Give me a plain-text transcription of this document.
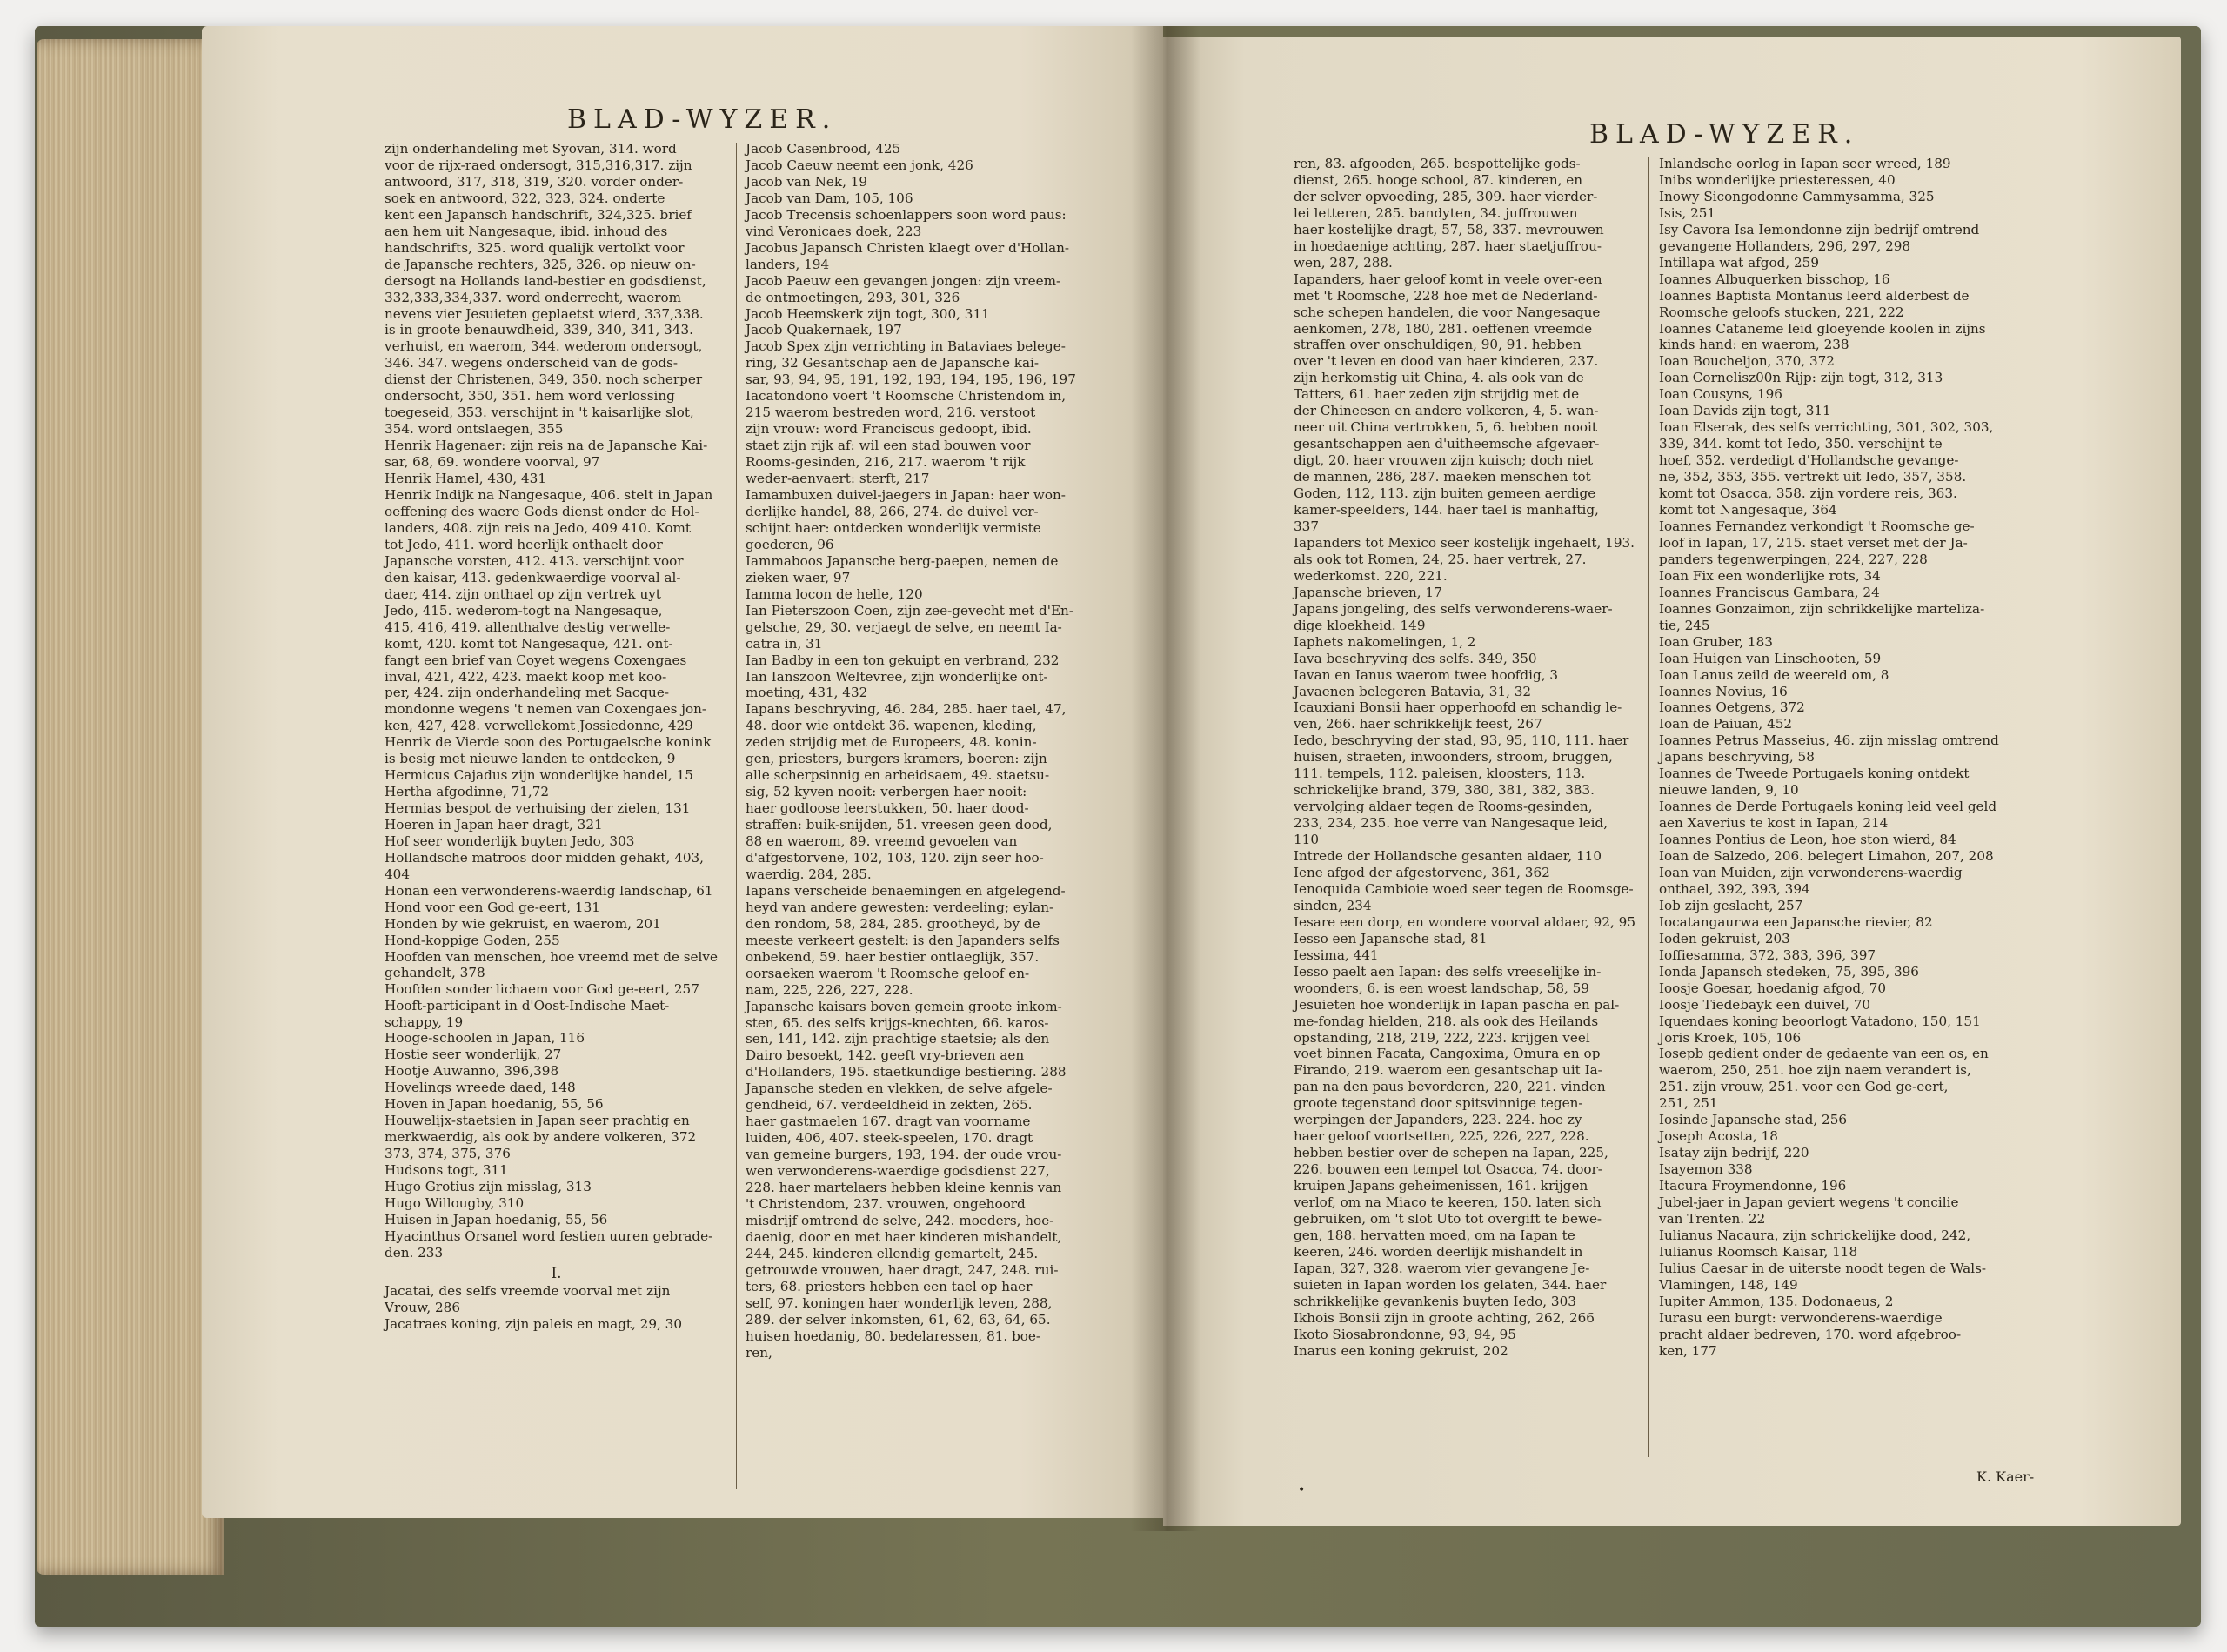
BLAD-WYZER.
zijn onderhandeling met Syovan, 314. word
voor de rijx-raed ondersogt, 315,316,317. zijn
antwoord, 317, 318, 319, 320. vorder onder-
soek en antwoord, 322, 323, 324. onderte
kent een Japansch handschrift, 324,325. brief
aen hem uit Nangesaque, ibid. inhoud des
handschrifts, 325. word qualijk vertolkt voor
de Japansche rechters, 325, 326. op nieuw on-
dersogt na Hollands land-bestier en godsdienst,
332,333,334,337. word onderrecht, waerom
nevens vier Jesuieten geplaetst wierd, 337,338.
is in groote benauwdheid, 339, 340, 341, 343.
verhuist, en waerom, 344. wederom ondersogt,
346. 347. wegens onderscheid van de gods-
dienst der Christenen, 349, 350. noch scherper
ondersocht, 350, 351. hem word verlossing
toegeseid, 353. verschijnt in 't kaisarlijke slot,
354. word ontslaegen, 355
Henrik Hagenaer: zijn reis na de Japansche Kai-
sar, 68, 69. wondere voorval, 97
Henrik Hamel, 430, 431
Henrik Indijk na Nangesaque, 406. stelt in Japan
oeffening des waere Gods dienst onder de Hol-
landers, 408. zijn reis na Jedo, 409 410. Komt
tot Jedo, 411. word heerlijk onthaelt door
Japansche vorsten, 412. 413. verschijnt voor
den kaisar, 413. gedenkwaerdige voorval al-
daer, 414. zijn onthael op zijn vertrek uyt
Jedo, 415. wederom-togt na Nangesaque,
415, 416, 419. allenthalve destig verwelle-
komt, 420. komt tot Nangesaque, 421. ont-
fangt een brief van Coyet wegens Coxengaes
inval, 421, 422, 423. maekt koop met koo-
per, 424. zijn onderhandeling met Sacque-
mondonne wegens 't nemen van Coxengaes jon-
ken, 427, 428. verwellekomt Jossiedonne, 429
Henrik de Vierde soon des Portugaelsche konink
is besig met nieuwe landen te ontdecken, 9
Hermicus Cajadus zijn wonderlijke handel, 15
Hertha afgodinne, 71,72
Hermias bespot de verhuising der zielen, 131
Hoeren in Japan haer dragt, 321
Hof seer wonderlijk buyten Jedo, 303
Hollandsche matroos door midden gehakt, 403,
404
Honan een verwonderens-waerdig landschap, 61
Hond voor een God ge-eert, 131
Honden by wie gekruist, en waerom, 201
Hond-koppige Goden, 255
Hoofden van menschen, hoe vreemd met de selve gehandelt, 378
Hoofden sonder lichaem voor God ge-eert, 257
Hooft-participant in d'Oost-Indische Maet-
schappy, 19
Hooge-schoolen in Japan, 116
Hostie seer wonderlijk, 27
Hootje Auwanno, 396,398
Hovelings wreede daed, 148
Hoven in Japan hoedanig, 55, 56
Houwelijx-staetsien in Japan seer prachtig en
merkwaerdig, als ook by andere volkeren, 372
373, 374, 375, 376
Hudsons togt, 311
Hugo Grotius zijn misslag, 313
Hugo Willougby, 310
Huisen in Japan hoedanig, 55, 56
Hyacinthus Orsanel word festien uuren gebrade-
den. 233
I.
Jacatai, des selfs vreemde voorval met zijn
Vrouw, 286
Jacatraes koning, zijn paleis en magt, 29, 30
Jacob Casenbrood, 425
Jacob Caeuw neemt een jonk, 426
Jacob van Nek, 19
Jacob van Dam, 105, 106
Jacob Trecensis schoenlappers soon word paus:
vind Veronicaes doek, 223
Jacobus Japansch Christen klaegt over d'Hollan-
landers, 194
Jacob Paeuw een gevangen jongen: zijn vreem-
de ontmoetingen, 293, 301, 326
Jacob Heemskerk zijn togt, 300, 311
Jacob Quakernaek, 197
Jacob Spex zijn verrichting in Bataviaes belege-
ring, 32 Gesantschap aen de Japansche kai-
sar, 93, 94, 95, 191, 192, 193, 194, 195, 196, 197
Iacatondono voert 't Roomsche Christendom in,
215 waerom bestreden word, 216. verstoot
zijn vrouw: word Franciscus gedoopt, ibid.
staet zijn rijk af: wil een stad bouwen voor
Rooms-gesinden, 216, 217. waerom 't rijk
weder-aenvaert: sterft, 217
Iamambuxen duivel-jaegers in Japan: haer won-
derlijke handel, 88, 266, 274. de duivel ver-
schijnt haer: ontdecken wonderlijk vermiste
goederen, 96
Iammaboos Japansche berg-paepen, nemen de
zieken waer, 97
Iamma locon de helle, 120
Ian Pieterszoon Coen, zijn zee-gevecht met d'En-
gelsche, 29, 30. verjaegt de selve, en neemt Ia-
catra in, 31
Ian Badby in een ton gekuipt en verbrand, 232
Ian Ianszoon Weltevree, zijn wonderlijke ont-
moeting, 431, 432
Iapans beschryving, 46. 284, 285. haer tael, 47,
48. door wie ontdekt 36. wapenen, kleding,
zeden strijdig met de Europeers, 48. konin-
gen, priesters, burgers kramers, boeren: zijn
alle scherpsinnig en arbeidsaem, 49. staetsu-
sig, 52 kyven nooit: verbergen haer nooit:
haer godloose leerstukken, 50. haer dood-
straffen: buik-snijden, 51. vreesen geen dood,
88 en waerom, 89. vreemd gevoelen van
d'afgestorvene, 102, 103, 120. zijn seer hoo-
waerdig. 284, 285.
Iapans verscheide benaemingen en afgelegend-
heyd van andere gewesten: verdeeling; eylan-
den rondom, 58, 284, 285. grootheyd, by de
meeste verkeert gestelt: is den Japanders selfs
onbekend, 59. haer bestier ontlaeglijk, 357.
oorsaeken waerom 't Roomsche geloof en-
nam, 225, 226, 227, 228.
Japansche kaisars boven gemein groote inkom-
sten, 65. des selfs krijgs-knechten, 66. karos-
sen, 141, 142. zijn prachtige staetsie; als den
Dairo besoekt, 142. geeft vry-brieven aen
d'Hollanders, 195. staetkundige bestiering. 288
Japansche steden en vlekken, de selve afgele-
gendheid, 67. verdeeldheid in zekten, 265.
haer gastmaelen 167. dragt van voorname
luiden, 406, 407. steek-speelen, 170. dragt
van gemeine burgers, 193, 194. der oude vrou-
wen verwonderens-waerdige godsdienst 227,
228. haer martelaers hebben kleine kennis van
't Christendom, 237. vrouwen, ongehoord
misdrijf omtrend de selve, 242. moeders, hoe-
daenig, door en met haer kinderen mishandelt,
244, 245. kinderen ellendig gemartelt, 245.
getrouwde vrouwen, haer dragt, 247, 248. rui-
ters, 68. priesters hebben een tael op haer
self, 97. koningen haer wonderlijk leven, 288,
289. der selver inkomsten, 61, 62, 63, 64, 65.
huisen hoedanig, 80. bedelaressen, 81. boe-
ren,
BLAD-WYZER.
ren, 83. afgooden, 265. bespottelijke gods-
dienst, 265. hooge school, 87. kinderen, en
der selver opvoeding, 285, 309. haer vierder-
lei letteren, 285. bandyten, 34. juffrouwen
haer kostelijke dragt, 57, 58, 337. mevrouwen
in hoedaenige achting, 287. haer staetjuffrou-
wen, 287, 288.
Iapanders, haer geloof komt in veele over-een
met 't Roomsche, 228 hoe met de Nederland-
sche schepen handelen, die voor Nangesaque
aenkomen, 278, 180, 281. oeffenen vreemde
straffen over onschuldigen, 90, 91. hebben
over 't leven en dood van haer kinderen, 237.
zijn herkomstig uit China, 4. als ook van de
Tatters, 61. haer zeden zijn strijdig met de
der Chineesen en andere volkeren, 4, 5. wan-
neer uit China vertrokken, 5, 6. hebben nooit
gesantschappen aen d'uitheemsche afgevaer-
digt, 20. haer vrouwen zijn kuisch; doch niet
de mannen, 286, 287. maeken menschen tot
Goden, 112, 113. zijn buiten gemeen aerdige
kamer-speelders, 144. haer tael is manhaftig,
337
Iapanders tot Mexico seer kostelijk ingehaelt, 193.
als ook tot Romen, 24, 25. haer vertrek, 27.
wederkomst. 220, 221.
Japansche brieven, 17
Japans jongeling, des selfs verwonderens-waer-
dige kloekheid. 149
Iaphets nakomelingen, 1, 2
Iava beschryving des selfs. 349, 350
Iavan en Ianus waerom twee hoofdig, 3
Javaenen belegeren Batavia, 31, 32
Icauxiani Bonsii haer opperhoofd en schandig le-
ven, 266. haer schrikkelijk feest, 267
Iedo, beschryving der stad, 93, 95, 110, 111. haer
huisen, straeten, inwoonders, stroom, bruggen,
111. tempels, 112. paleisen, kloosters, 113.
schrickelijke brand, 379, 380, 381, 382, 383.
vervolging aldaer tegen de Rooms-gesinden,
233, 234, 235. hoe verre van Nangesaque leid,
110
Intrede der Hollandsche gesanten aldaer, 110
Iene afgod der afgestorvene, 361, 362
Ienoquida Cambioie woed seer tegen de Roomsge-
sinden, 234
Iesare een dorp, en wondere voorval aldaer, 92, 95
Iesso een Japansche stad, 81
Iessima, 441
Iesso paelt aen Iapan: des selfs vreeselijke in-
woonders, 6. is een woest landschap, 58, 59
Jesuieten hoe wonderlijk in Iapan pascha en pal-
me-fondag hielden, 218. als ook des Heilands
opstanding, 218, 219, 222, 223. krijgen veel
voet binnen Facata, Cangoxima, Omura en op
Firando, 219. waerom een gesantschap uit Ia-
pan na den paus bevorderen, 220, 221. vinden
groote tegenstand door spitsvinnige tegen-
werpingen der Japanders, 223. 224. hoe zy
haer geloof voortsetten, 225, 226, 227, 228.
hebben bestier over de schepen na Iapan, 225,
226. bouwen een tempel tot Osacca, 74. door-
kruipen Japans geheimenissen, 161. krijgen
verlof, om na Miaco te keeren, 150. laten sich
gebruiken, om 't slot Uto tot overgift te bewe-
gen, 188. hervatten moed, om na Iapan te
keeren, 246. worden deerlijk mishandelt in
Iapan, 327, 328. waerom vier gevangene Je-
suieten in Iapan worden los gelaten, 344. haer
schrikkelijke gevankenis buyten Iedo, 303
Ikhois Bonsii zijn in groote achting, 262, 266
Ikoto Siosabrondonne, 93, 94, 95
Inarus een koning gekruist, 202
Inlandsche oorlog in Iapan seer wreed, 189
Inibs wonderlijke priesteressen, 40
Inowy Sicongodonne Cammysamma, 325
Isis, 251
Isy Cavora Isa Iemondonne zijn bedrijf omtrend
gevangene Hollanders, 296, 297, 298
Intillapa wat afgod, 259
Ioannes Albuquerken bisschop, 16
Ioannes Baptista Montanus leerd alderbest de
Roomsche geloofs stucken, 221, 222
Ioannes Cataneme leid gloeyende koolen in zijns
kinds hand: en waerom, 238
Ioan Boucheljon, 370, 372
Ioan Cornelisz00n Rijp: zijn togt, 312, 313
Ioan Cousyns, 196
Ioan Davids zijn togt, 311
Ioan Elserak, des selfs verrichting, 301, 302, 303,
339, 344. komt tot Iedo, 350. verschijnt te
hoef, 352. verdedigt d'Hollandsche gevange-
ne, 352, 353, 355. vertrekt uit Iedo, 357, 358.
komt tot Osacca, 358. zijn vordere reis, 363.
komt tot Nangesaque, 364
Ioannes Fernandez verkondigt 't Roomsche ge-
loof in Iapan, 17, 215. staet verset met der Ja-
panders tegenwerpingen, 224, 227, 228
Ioan Fix een wonderlijke rots, 34
Ioannes Franciscus Gambara, 24
Ioannes Gonzaimon, zijn schrikkelijke marteliza-
tie, 245
Ioan Gruber, 183
Ioan Huigen van Linschooten, 59
Ioan Lanus zeild de weereld om, 8
Ioannes Novius, 16
Ioannes Oetgens, 372
Ioan de Paiuan, 452
Ioannes Petrus Masseius, 46. zijn misslag omtrend
Japans beschryving, 58
Ioannes de Tweede Portugaels koning ontdekt
nieuwe landen, 9, 10
Ioannes de Derde Portugaels koning leid veel geld
aen Xaverius te kost in Iapan, 214
Ioannes Pontius de Leon, hoe ston wierd, 84
Ioan de Salzedo, 206. belegert Limahon, 207, 208
Ioan van Muiden, zijn verwonderens-waerdig
onthael, 392, 393, 394
Iob zijn geslacht, 257
Iocatangaurwa een Japansche rievier, 82
Ioden gekruist, 203
Ioffiesamma, 372, 383, 396, 397
Ionda Japansch stedeken, 75, 395, 396
Ioosje Goesar, hoedanig afgod, 70
Ioosje Tiedebayk een duivel, 70
Iquendaes koning beoorlogt Vatadono, 150, 151
Joris Kroek, 105, 106
Iosepb gedient onder de gedaente van een os, en
waerom, 250, 251. hoe zijn naem verandert is,
251. zijn vrouw, 251. voor een God ge-eert,
251, 251
Iosinde Japansche stad, 256
Joseph Acosta, 18
Isatay zijn bedrijf, 220
Isayemon 338
Itacura Froymendonne, 196
Jubel-jaer in Japan geviert wegens 't concilie
van Trenten. 22
Iulianus Nacaura, zijn schrickelijke dood, 242,
Iulianus Roomsch Kaisar, 118
Iulius Caesar in de uiterste noodt tegen de Wals-
Vlamingen, 148, 149
Iupiter Ammon, 135. Dodonaeus, 2
Iurasu een burgt: verwonderens-waerdige
pracht aldaer bedreven, 170. word afgebroo-
ken, 177
K. Kaer-
•
